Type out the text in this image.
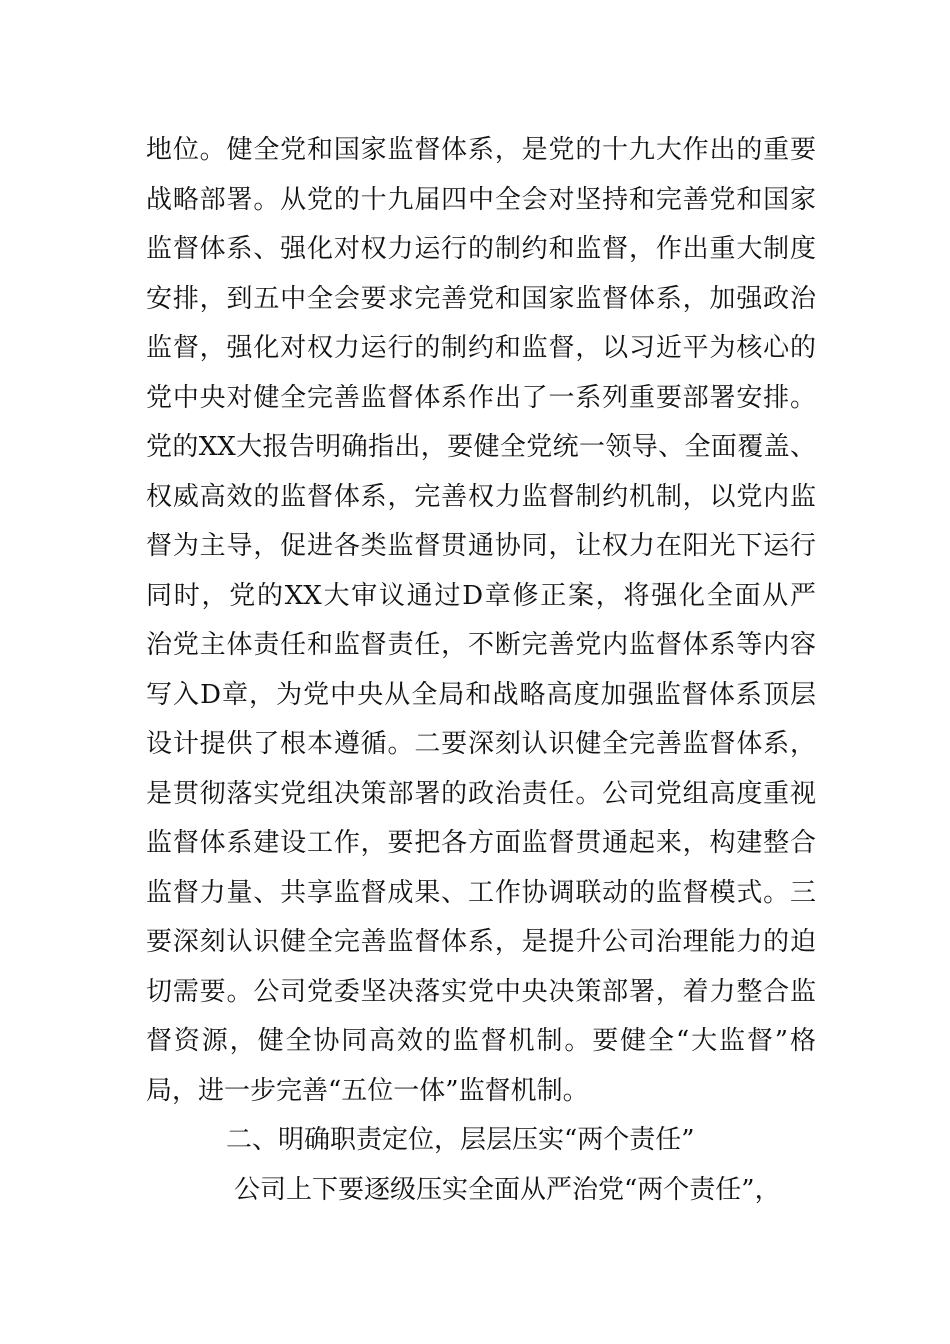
地位。健全党和国家监督体系，是党的十九大作出的重要
战略部署。从党的十九届四中全会对坚持和完善党和国家
监督体系、强化对权力运行的制约和监督，作出重大制度
安排，到五中全会要求完善党和国家监督体系，加强政治
监督，强化对权力运行的制约和监督，以习近平为核心的
党中央对健全完善监督体系作出了一系列重要部署安排。
党的XX大报告明确指出，要健全党统一领导、全面覆盖、
权威高效的监督体系，完善权力监督制约机制，以党内监
督为主导，促进各类监督贯通协同，让权力在阳光下运行
同时，党的XX大审议通过D章修正案，将强化全面从严
治党主体责任和监督责任，不断完善党内监督体系等内容
写入D章，为党中央从全局和战略高度加强监督体系顶层
设计提供了根本遵循。二要深刻认识健全完善监督体系，
是贯彻落实党组决策部署的政治责任。公司党组高度重视
监督体系建设工作，要把各方面监督贯通起来，构建整合
监督力量、共享监督成果、工作协调联动的监督模式。三
要深刻认识健全完善监督体系，是提升公司治理能力的迫
切需要。公司党委坚决落实党中央决策部署，着力整合监
督资源，健全协同高效的监督机制。要健全“大监督”格
局，进一步完善“五位一体”监督机制。
二、明确职责定位，层层压实“两个责任”
公司上下要逐级压实全面从严治党“两个责任”，
